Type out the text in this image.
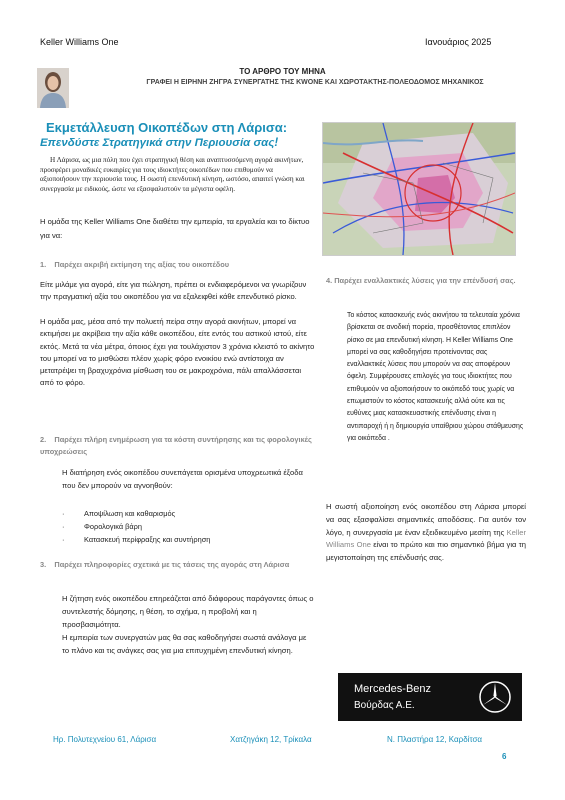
Keller Williams One	Ιανουάριος 2025
ΤΟ ΑΡΘΡΟ ΤΟΥ ΜΗΝΑ
ΓΡΑΦΕΙ Η ΕΙΡΗΝΗ ΖΗΓΡΑ ΣΥΝΕΡΓΑΤΗΣ ΤΗΣ KWONE ΚΑΙ ΧΩΡΟΤΑΚΤΗΣ-ΠΟΛΕΟΔΟΜΟΣ ΜΗΧΑΝΙΚΟΣ
Εκμετάλλευση Οικοπέδων στη Λάρισα:
Επενδύστε Στρατηγικά στην Περιουσία σας!
Η Λάρισα, ως μια πόλη που έχει στρατηγική θέση και αναπτυσσόμενη αγορά ακινήτων, προσφέρει μοναδικές ευκαιρίες για τους ιδιοκτήτες οικοπέδων που επιθυμούν να αξιοποιήσουν την περιουσία τους. Η σωστή επενδυτική κίνηση, ωστόσο, απαιτεί γνώση και συνεργασία με ειδικούς, ώστε να εξασφαλιστούν τα μέγιστα οφέλη.
Η ομάδα της Keller Williams One διαθέτει την εμπειρία, τα εργαλεία και το δίκτυο για να:
1.    Παρέχει ακριβή εκτίμηση της αξίας του οικοπέδου
Είτε μιλάμε για αγορά, είτε για πώληση, πρέπει οι ενδιαφερόμενοι να γνωρίζουν την πραγματική αξία του οικοπέδου για να εξαλειφθεί κάθε επενδυτικό ρίσκο.
Η ομάδα μας, μέσα από την πολυετή πείρα στην αγορά ακινήτων, μπορεί να εκτιμήσει με ακρίβεια την αξία κάθε οικοπέδου, είτε εντός του αστικού ιστού, είτε εκτός. Μετά τα νέα μέτρα, όποιος έχει για τουλάχιστον 3 χρόνια κλειστό το ακίνητο του μπορεί να το μισθώσει πλέον χωρίς φόρο ενοικίου ενώ αντίστοιχα αν μετατρέψει τη βραχυχρόνια μίσθωση του σε μακροχρόνια, πάλι απαλλάσσεται από το φόρο.
2.    Παρέχει πλήρη ενημέρωση για τα κόστη συντήρησης και τις φορολογικές υποχρεώσεις
Η διατήρηση ενός οικοπέδου συνεπάγεται ορισμένα υποχρεωτικά έξοδα που δεν μπορούν να αγνοηθούν:
·	Αποψίλωση και καθαρισμός
·	Φορολογικά βάρη
·	Κατασκευή περίφραξης και συντήρηση
3.    Παρέχει πληροφορίες σχετικά με τις τάσεις της αγοράς στη Λάρισα
Η ζήτηση ενός οικοπέδου επηρεάζεται από διάφορους παράγοντες όπως ο συντελεστής δόμησης, η θέση, το σχήμα, η προβολή και η προσβασιμότητα.
Η εμπειρία των συνεργατών μας θα σας καθοδηγήσει σωστά ανάλογα με το πλάνο και τις ανάγκες σας για μια επιτυχημένη επενδυτική κίνηση.
4. Παρέχει εναλλακτικές λύσεις για την επένδυσή σας.
Το κόστος κατασκευής ενός ακινήτου τα τελευταία χρόνια βρίσκεται σε ανοδική πορεία, προσθέτοντας επιπλέον ρίσκο σε μια επενδυτική κίνηση. Η Keller Williams One μπορεί να σας καθοδηγήσει προτείνοντας σας εναλλακτικές λύσεις που μπορούν να σας αποφέρουν όφελη. Συμφέρουσες επιλογές για τους ιδιοκτήτες που επιθυμούν να αξιοποιήσουν το οικόπεδό τους χωρίς να επωμιστούν το κόστος κατασκευής αλλά ούτε και τις ευθύνες μιας κατασκευαστικής επένδυσης είναι η αντιπαροχή ή η δημιουργία υπαίθριου χώρου στάθμευσης για οικόπεδα .
Η σωστή αξιοποίηση ενός οικοπέδου στη Λάρισα μπορεί να σας εξασφαλίσει σημαντικές αποδόσεις. Για αυτόν τον λόγο, η συνεργασία με έναν εξειδικευμένο μεσίτη της Keller Williams One είναι το πρώτο και πιο σημαντικό βήμα για τη μεγιστοποίηση της επένδυσής σας.
Mercedes-Benz
Βούρδας Α.Ε.
Ηρ. Πολυτεχνείου 61, Λάρισα	Χατζηγάκη 12, Τρίκαλα	Ν. Πλαστήρα 12, Καρδίτσα
6
